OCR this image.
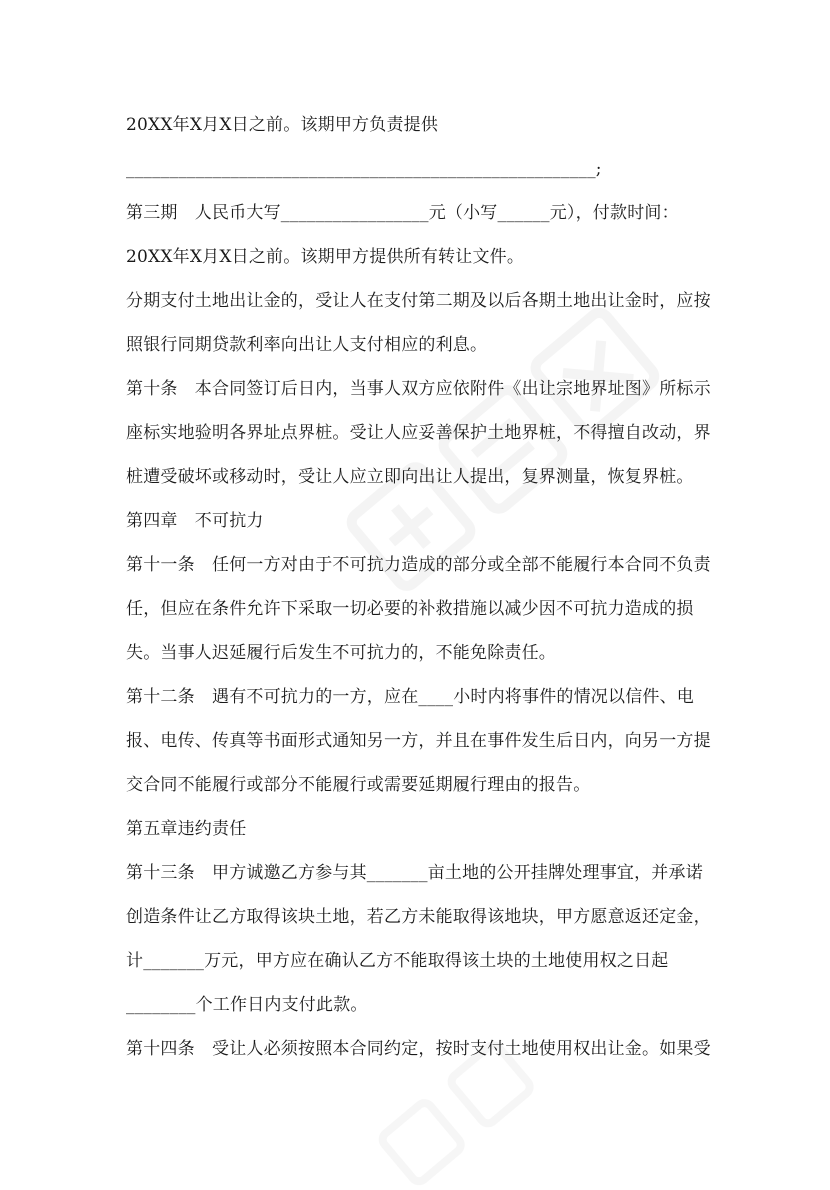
20XX年X月X日之前。该期甲方负责提供
______________________________________________________;
第三期　人民币大写_________________元（小写______元），付款时间：
20XX年X月X日之前。该期甲方提供所有转让文件。
分期支付土地出让金的，受让人在支付第二期及以后各期土地出让金时，应按
照银行同期贷款利率向出让人支付相应的利息。
第十条　本合同签订后日内，当事人双方应依附件《出让宗地界址图》所标示
座标实地验明各界址点界桩。受让人应妥善保护土地界桩，不得擅自改动，界
桩遭受破坏或移动时，受让人应立即向出让人提出，复界测量，恢复界桩。
第四章　不可抗力
第十一条　任何一方对由于不可抗力造成的部分或全部不能履行本合同不负责
任，但应在条件允许下采取一切必要的补救措施以减少因不可抗力造成的损
失。当事人迟延履行后发生不可抗力的，不能免除责任。
第十二条　遇有不可抗力的一方，应在____小时内将事件的情况以信件、电
报、电传、传真等书面形式通知另一方，并且在事件发生后日内，向另一方提
交合同不能履行或部分不能履行或需要延期履行理由的报告。
第五章违约责任
第十三条　甲方诚邀乙方参与其_______亩土地的公开挂牌处理事宜，并承诺
创造条件让乙方取得该块土地，若乙方未能取得该地块，甲方愿意返还定金，
计_______万元，甲方应在确认乙方不能取得该土块的土地使用权之日起
________个工作日内支付此款。
第十四条　受让人必须按照本合同约定，按时支付土地使用权出让金。如果受
